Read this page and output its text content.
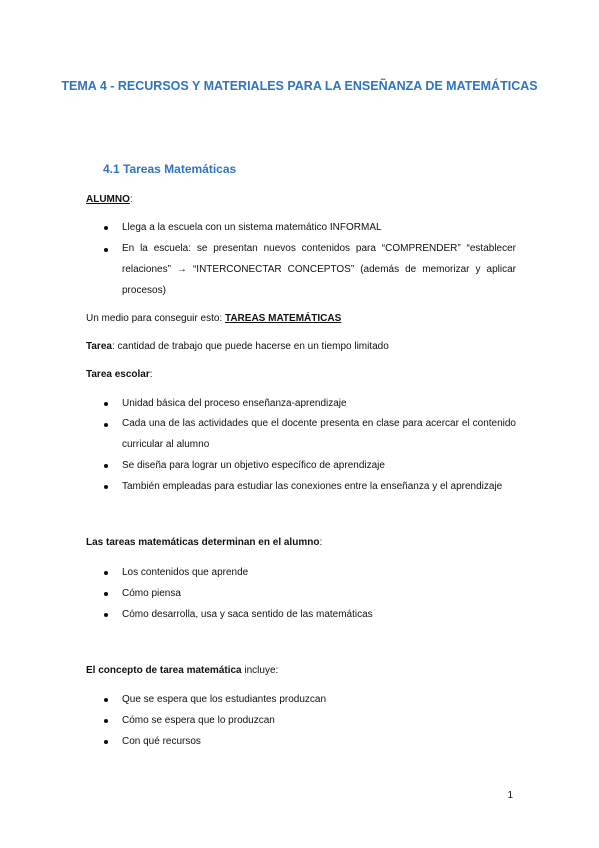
TEMA 4 - RECURSOS Y MATERIALES PARA LA ENSEÑANZA DE MATEMÁTICAS
4.1 Tareas Matemáticas
ALUMNO:
Llega a la escuela con un sistema matemático INFORMAL
En la escuela: se presentan nuevos contenidos para “COMPRENDER” “establecer relaciones” → “INTERCONECTAR CONCEPTOS” (además de memorizar y aplicar procesos)
Un medio para conseguir esto: TAREAS MATEMÁTICAS
Tarea: cantidad de trabajo que puede hacerse en un tiempo limitado
Tarea escolar:
Unidad básica del proceso enseñanza-aprendizaje
Cada una de las actividades que el docente presenta en clase para acercar el contenido curricular al alumno
Se diseña para lograr un objetivo específico de aprendizaje
También empleadas para estudiar las conexiones entre la enseñanza y el aprendizaje
Las tareas matemáticas determinan en el alumno:
Los contenidos que aprende
Cómo piensa
Cómo desarrolla, usa y saca sentido de las matemáticas
El concepto de tarea matemática incluye:
Que se espera que los estudiantes produzcan
Cómo se espera que lo produzcan
Con qué recursos
1
